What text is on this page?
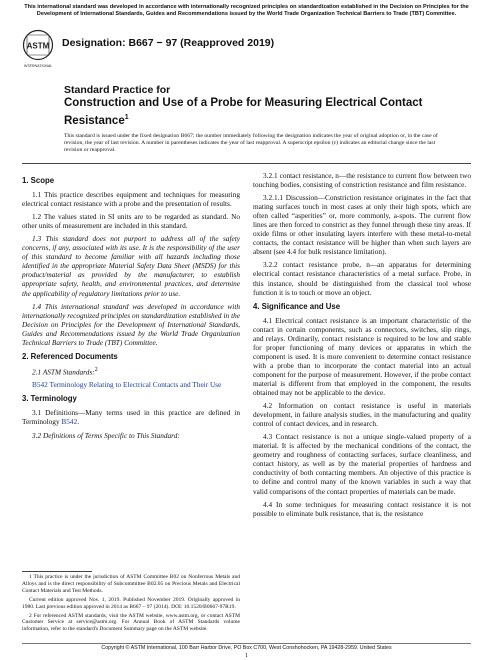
This international standard was developed in accordance with internationally recognized principles on standardization established in the Decision on Principles for the Development of International Standards, Guides and Recommendations issued by the World Trade Organization Technical Barriers to Trade (TBT) Committee.
ASTM
INTERNATIONAL
Designation: B667 − 97 (Reapproved 2019)
Standard Practice for
Construction and Use of a Probe for Measuring Electrical Contact Resistance$^1$
This standard is issued under the fixed designation B667; the number immediately following the designation indicates the year of original adoption or, in the case of revision, the year of last revision. A number in parentheses indicates the year of last reapproval. A superscript epsilon (ε) indicates an editorial change since the last revision or reapproval.
1. Scope

1.1 This practice describes equipment and techniques for measuring electrical contact resistance with a probe and the presentation of results.

1.2 The values stated in SI units are to be regarded as standard. No other units of measurement are included in this standard.

1.3 This standard does not purport to address all of the safety concerns, if any, associated with its use. It is the responsibility of the user of this standard to become familiar with all hazards including those identified in the appropriate Material Safety Data Sheet (MSDS) for this product/material as provided by the manufacturer, to establish appropriate safety, health, and environmental practices, and determine the applicability of regulatory limitations prior to use.

1.4 This international standard was developed in accordance with internationally recognized principles on standardization established in the Decision on Principles for the Development of International Standards, Guides and Recommendations issued by the World Trade Organization Technical Barriers to Trade (TBT) Committee.

2. Referenced Documents

2.1 ASTM Standards:$^2$

B542 Terminology Relating to Electrical Contacts and Their Use

3. Terminology

3.1 Definitions—Many terms used in this practice are defined in Terminology B542.

3.2 Definitions of Terms Specific to This Standard:

1 This practice is under the jurisdiction of ASTM Committee B02 on Nonferrous Metals and Alloys and is the direct responsibility of Subcommittee B02.05 on Precious Metals and Electrical Contact Materials and Test Methods.

Current edition approved Nov. 1, 2019. Published November 2019. Originally approved in 1980. Last previous edition approved in 2014 as B667 – 97 (2014). DOI: 10.1520/B0667-97R19.

2 For referenced ASTM standards, visit the ASTM website, www.astm.org, or contact ASTM Customer Service at service@astm.org. For Annual Book of ASTM Standards volume information, refer to the standard's Document Summary page on the ASTM website.

3.2.1 contact resistance, n—the resistance to current flow between two touching bodies, consisting of constriction resistance and film resistance.

3.2.1.1 Discussion—Constriction resistance originates in the fact that mating surfaces touch in most cases at only their high spots, which are often called “asperities” or, more commonly, a-spots. The current flow lines are then forced to constrict as they funnel through these tiny areas. If oxide films or other insulating layers interfere with these metal-to-metal contacts, the contact resistance will be higher than when such layers are absent (see 4.4 for bulk resistance limitation).

3.2.2 contact resistance probe, n—an apparatus for determining electrical contact resistance characteristics of a metal surface. Probe, in this instance, should be distinguished from the classical tool whose function it is to touch or move an object.

4. Significance and Use

4.1 Electrical contact resistance is an important characteristic of the contact in certain components, such as connectors, switches, slip rings, and relays. Ordinarily, contact resistance is required to be low and stable for proper functioning of many devices or apparatus in which the component is used. It is more convenient to determine contact resistance with a probe than to incorporate the contact material into an actual component for the purpose of measurement. However, if the probe contact material is different from that employed in the component, the results obtained may not be applicable to the device.

4.2 Information on contact resistance is useful in materials development, in failure analysis studies, in the manufacturing and quality control of contact devices, and in research.

4.3 Contact resistance is not a unique single-valued property of a material. It is affected by the mechanical conditions of the contact, the geometry and roughness of contacting surfaces, surface cleanliness, and contact history, as well as by the material properties of hardness and conductivity of both contacting members. An objective of this practice is to define and control many of the known variables in such a way that valid comparisons of the contact properties of materials can be made.

4.4 In some techniques for measuring contact resistance it is not possible to eliminate bulk resistance, that is, the resistance

Copyright © ASTM International, 100 Barr Harbor Drive, PO Box C700, West Conshohocken, PA 19428-2959. United States
1
